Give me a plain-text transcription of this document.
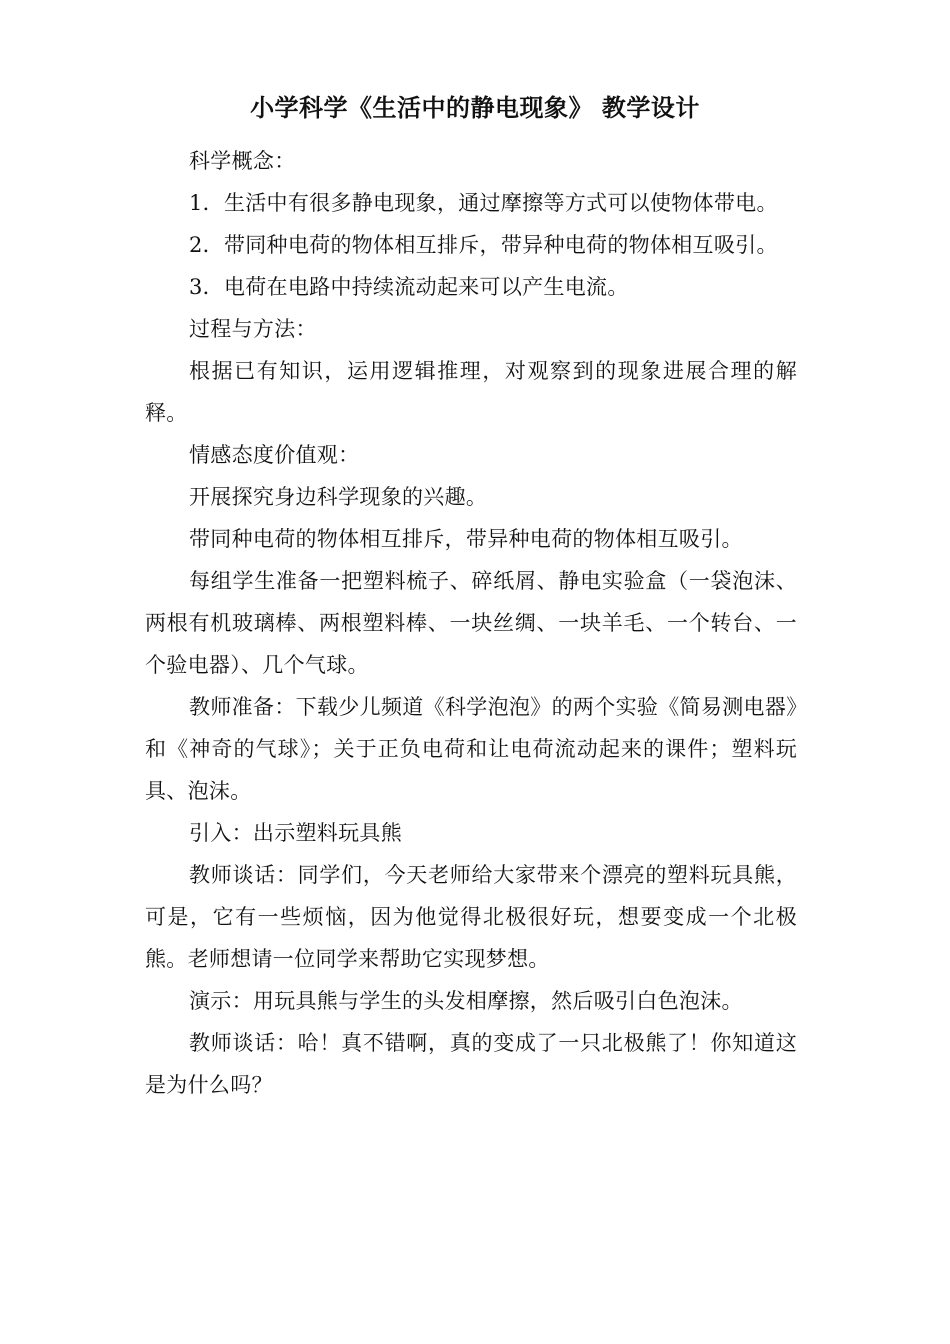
小学科学《生活中的静电现象》 教学设计

科学概念：

1．生活中有很多静电现象，通过摩擦等方式可以使物体带电。

2．带同种电荷的物体相互排斥，带异种电荷的物体相互吸引。

3．电荷在电路中持续流动起来可以产生电流。

过程与方法：

根据已有知识，运用逻辑推理，对观察到的现象进展合理的解释。

情感态度价值观：

开展探究身边科学现象的兴趣。

带同种电荷的物体相互排斥，带异种电荷的物体相互吸引。

每组学生准备一把塑料梳子、碎纸屑、静电实验盒（一袋泡沫、两根有机玻璃棒、两根塑料棒、一块丝绸、一块羊毛、一个转台、一个验电器）、几个气球。

教师准备：下载少儿频道《科学泡泡》的两个实验《简易测电器》和《神奇的气球》；关于正负电荷和让电荷流动起来的课件；塑料玩具、泡沫。

引入：出示塑料玩具熊

教师谈话：同学们，今天老师给大家带来个漂亮的塑料玩具熊，可是，它有一些烦恼，因为他觉得北极很好玩，想要变成一个北极熊。老师想请一位同学来帮助它实现梦想。

演示：用玩具熊与学生的头发相摩擦，然后吸引白色泡沫。

教师谈话：哈！真不错啊，真的变成了一只北极熊了！你知道这是为什么吗？
